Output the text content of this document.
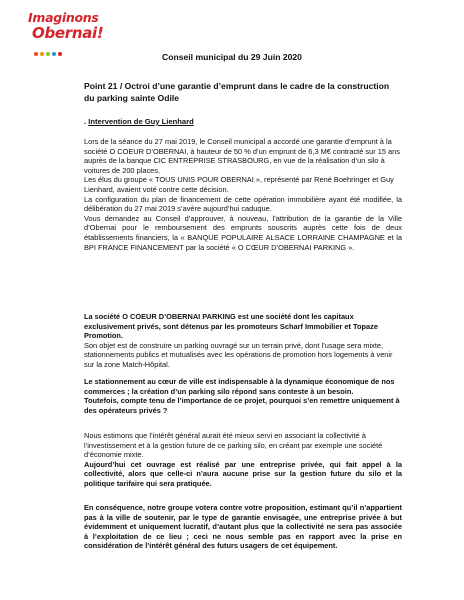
Imaginons
Obernai!
Conseil municipal du 29 Juin 2020
Point 21 / Octroi d’une garantie d’emprunt dans le cadre de la construction du parking sainte Odile
. Intervention de Guy Lienhard

Lors de la séance du 27 mai 2019, le Conseil municipal a accordé une garantie d’emprunt à la société O COEUR D’OBERNAI, à hauteur de 50 % d’un emprunt de 6,3 M€ contracté sur 15 ans auprès de la banque CIC ENTREPRISE STRASBOURG, en vue de la réalisation d’un silo à voitures de 200 places.

Les élus du groupe « TOUS UNIS POUR OBERNAI », représenté par René Boehringer et Guy Lienhard, avaient voté contre cette décision.

La configuration du plan de financement de cette opération immobilière ayant été modifiée, la délibération du 27 mai 2019 s’avère aujourd’hui caduque.

Vous demandez au Conseil d’approuver, à nouveau, l’attribution de la garantie de la Ville d’Obernai pour le remboursement des emprunts souscrits auprès cette fois de deux établissements financiers, la « BANQUE POPULAIRE ALSACE LORRAINE CHAMPAGNE et la BPI FRANCE FINANCEMENT par la société « O CŒUR D’OBERNAI PARKING ».

La société O COEUR D’OBERNAI PARKING est une société dont les capitaux exclusivement privés, sont détenus par les promoteurs Scharf Immobilier et Topaze Promotion.

Son objet est de construire un parking ouvragé sur un terrain privé, dont l’usage sera mixte, stationnements publics et mutualisés avec les opérations de promotion hors logements à venir sur la zone Match-Hôpital.

Le stationnement au cœur de ville est indispensable à la dynamique économique de nos commerces ; la création d’un parking silo répond sans conteste à un besoin.

Toutefois, compte tenu de l’importance de ce projet, pourquoi s’en remettre uniquement à des opérateurs privés ?

Nous estimons que l’intérêt général aurait été mieux servi en associant la collectivité à l’investissement et à la gestion future de ce parking silo, en créant par exemple une société d’économie mixte.

Aujourd’hui cet ouvrage est réalisé par une entreprise privée, qui fait appel à la collectivité, alors que celle-ci n’aura aucune prise sur la gestion future du silo et la politique tarifaire qui sera pratiquée.

En conséquence, notre groupe votera contre votre proposition, estimant qu’il n’appartient pas à la ville de soutenir, par le type de garantie envisagée, une entreprise privée à but évidemment et uniquement lucratif, d’autant plus que la collectivité ne sera pas associée à l’exploitation de ce lieu ; ceci ne nous semble pas en rapport avec la prise en considération de l’intérêt général des futurs usagers de cet équipement.
